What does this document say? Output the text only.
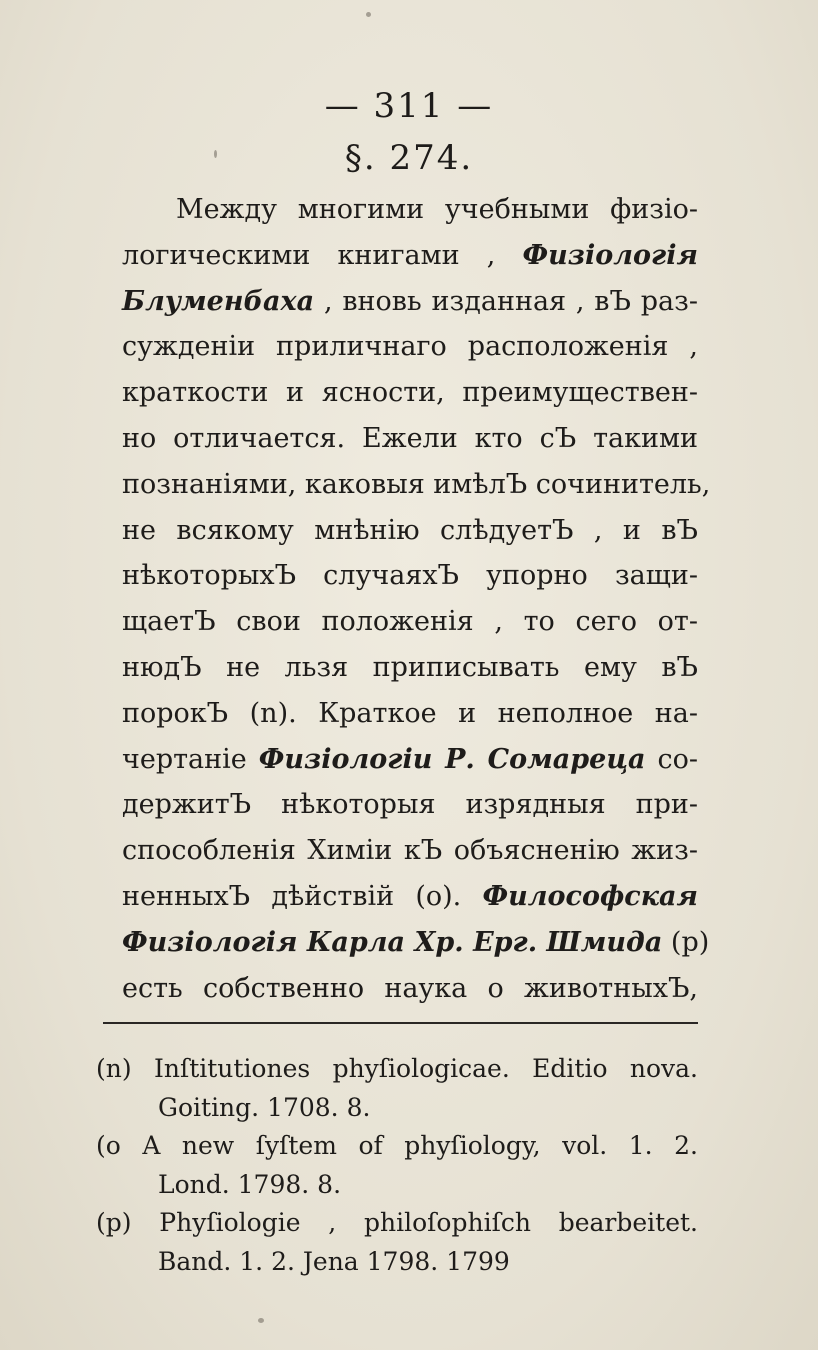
— 311 —
§. 274.
Между многими учебными физіо-
логическими книгами , Физіологія
Блуменбаха , вновь изданная , вЪ раз-
сужденіи приличнаго расположенія ,
краткости и ясности, преимуществен-
но отличается. Ежели кто сЪ такими
познаніями, каковыя имѣлЪ сочинитель,
не всякому мнѣнію слѣдуетЪ , и вЪ
нѣкоторыхЪ случаяхЪ упорно защи-
щаетЪ свои положенія , то сего от-
нюдЪ не льзя приписывать ему вЪ
порокЪ (n). Краткое и неполное на-
чертаніе Физіологіи Р. Сомареца со-
держитЪ нѣкоторыя изрядныя при-
способленія Химіи кЪ объясненію жиз-
ненныхЪ дѣйствій (о). Философская
Физіологія Карла Хр. Ерг. Шмида (p)
есть собственно наука о животныхЪ,
(n) Inſtitutiones phyſiologicae. Editio nova.
Goiting. 1708. 8.
(o A new ſyſtem of phyſiology, vol. 1. 2.
Lond. 1798. 8.
(p) Phyſiologie , philoſophiſch bearbeitet.
Band. 1. 2. Jena 1798. 1799
